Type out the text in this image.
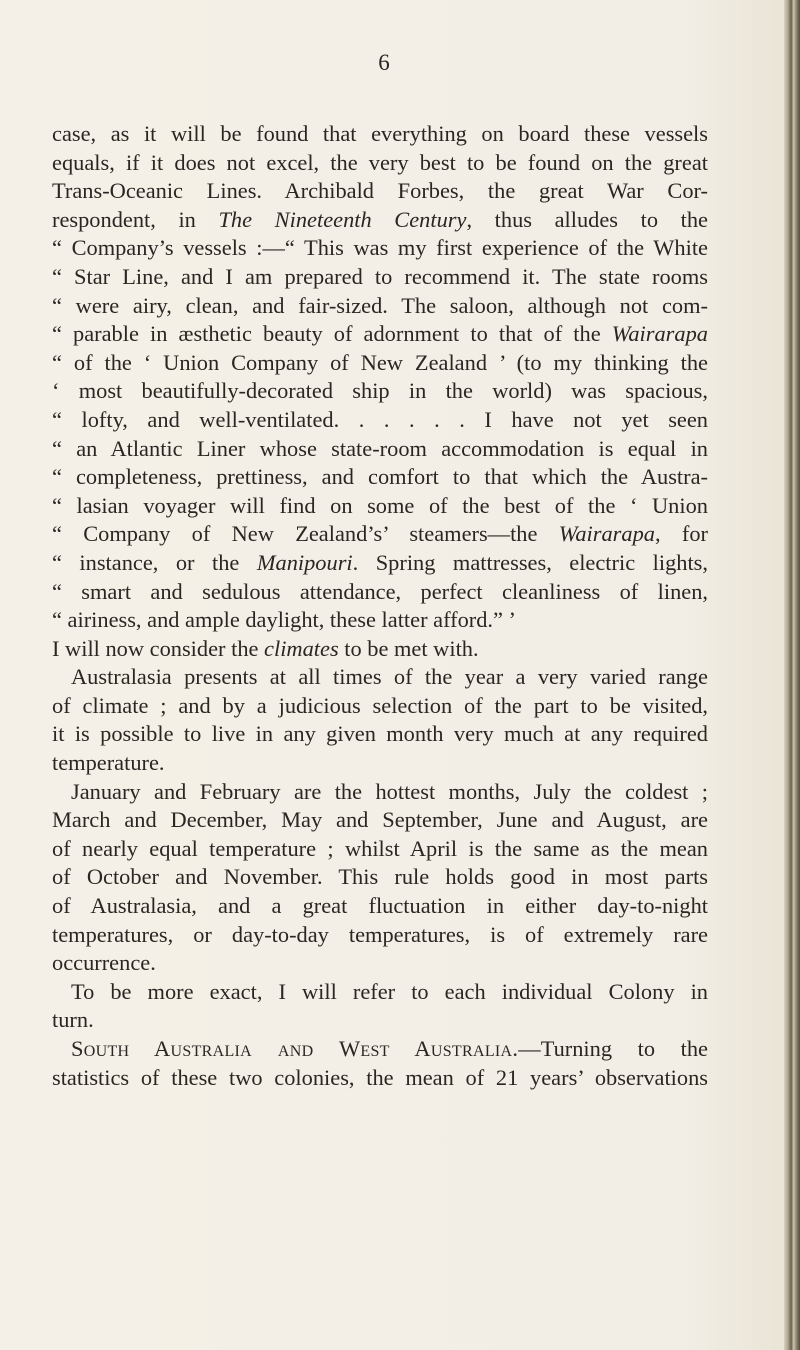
6
case, as it will be found that everything on board these vessels
equals, if it does not excel, the very best to be found on the great
Trans-Oceanic Lines. Archibald Forbes, the great War Cor-
respondent, in The Nineteenth Century, thus alludes to the
“ Company’s vessels :—“ This was my first experience of the White
“ Star Line, and I am prepared to recommend it. The state rooms
“ were airy, clean, and fair-sized. The saloon, although not com-
“ parable in æsthetic beauty of adornment to that of the Wairarapa
“ of the ‘ Union Company of New Zealand ’ (to my thinking the
‘ most beautifully-decorated ship in the world) was spacious,
“ lofty, and well-ventilated. . . . . . I have not yet seen
“ an Atlantic Liner whose state-room accommodation is equal in
“ completeness, prettiness, and comfort to that which the Austra-
“ lasian voyager will find on some of the best of the ‘ Union
“ Company of New Zealand’s’ steamers—the Wairarapa, for
“ instance, or the Manipouri. Spring mattresses, electric lights,
“ smart and sedulous attendance, perfect cleanliness of linen,
“ airiness, and ample daylight, these latter afford.” ’
I will now consider the climates to be met with.
Australasia presents at all times of the year a very varied range
of climate ; and by a judicious selection of the part to be visited,
it is possible to live in any given month very much at any required
temperature.
January and February are the hottest months, July the coldest ;
March and December, May and September, June and August, are
of nearly equal temperature ; whilst April is the same as the mean
of October and November. This rule holds good in most parts
of Australasia, and a great fluctuation in either day-to-night
temperatures, or day-to-day temperatures, is of extremely rare
occurrence.
To be more exact, I will refer to each individual Colony in
turn.
South Australia and West Australia.—Turning to the
statistics of these two colonies, the mean of 21 years’ observations
